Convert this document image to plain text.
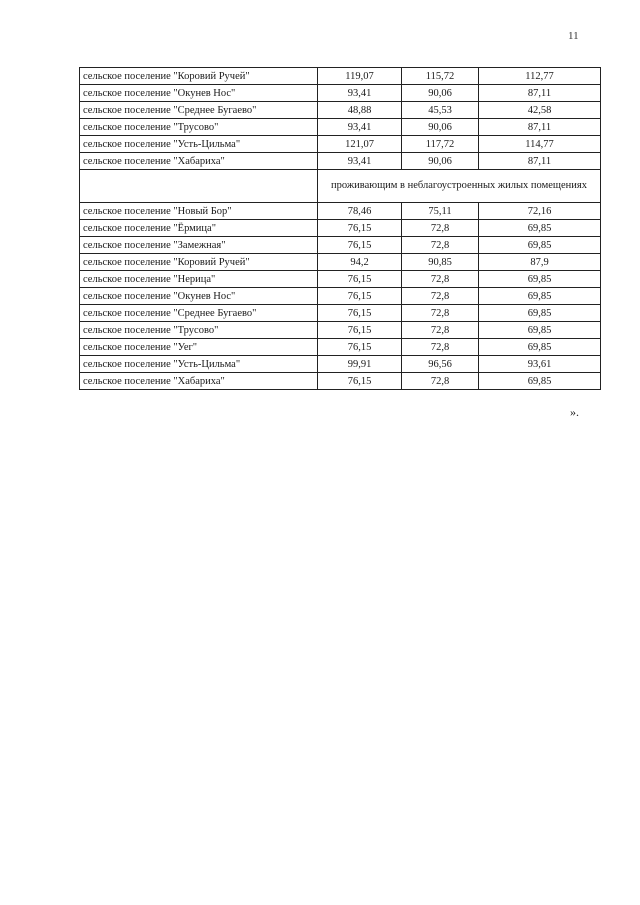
11
сельское поселение "Коровий Ручей"	119,07	115,72	112,77
сельское поселение "Окунев Нос"	93,41	90,06	87,11
сельское поселение "Среднее Бугаево"	48,88	45,53	42,58
сельское поселение "Трусово"	93,41	90,06	87,11
сельское поселение "Усть-Цильма"	121,07	117,72	114,77
сельское поселение "Хабариха"	93,41	90,06	87,11
	проживающим в неблагоустроенных жилых помещениях		
сельское поселение "Новый Бор"	78,46	75,11	72,16
сельское поселение "Ёрмица"	76,15	72,8	69,85
сельское поселение "Замежная"	76,15	72,8	69,85
сельское поселение "Коровий Ручей"	94,2	90,85	87,9
сельское поселение "Нерица"	76,15	72,8	69,85
сельское поселение "Окунев Нос"	76,15	72,8	69,85
сельское поселение "Среднее Бугаево"	76,15	72,8	69,85
сельское поселение "Трусово"	76,15	72,8	69,85
сельское поселение "Уег"	76,15	72,8	69,85
сельское поселение "Усть-Цильма"	99,91	96,56	93,61
сельское поселение "Хабариха"	76,15	72,8	69,85
».
